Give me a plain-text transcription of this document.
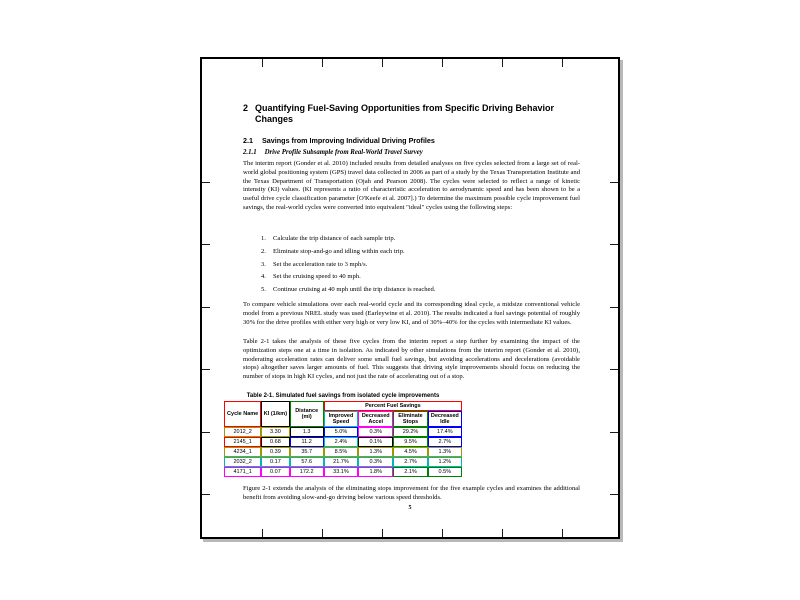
2 Quantifying Fuel-Saving Opportunities from Specific Driving Behavior Changes
2.1 Savings from Improving Individual Driving Profiles
2.1.1 Drive Profile Subsample from Real-World Travel Survey
The interim report (Gonder et al. 2010) included results from detailed analyses on five cycles selected from a large set of real-world global positioning system (GPS) travel data collected in 2006 as part of a study by the Texas Transportation Institute and the Texas Department of Transportation (Ojah and Pearson 2008). The cycles were selected to reflect a range of kinetic intensity (KI) values. (KI represents a ratio of characteristic acceleration to aerodynamic speed and has been shown to be a useful drive cycle classification parameter [O'Keefe et al. 2007].) To determine the maximum possible cycle improvement fuel savings, the real-world cycles were converted into equivalent "ideal" cycles using the following steps:
1.	Calculate the trip distance of each sample trip.
2.	Eliminate stop-and-go and idling within each trip.
3.	Set the acceleration rate to 3 mph/s.
4.	Set the cruising speed to 40 mph.
5.	Continue cruising at 40 mph until the trip distance is reached.
To compare vehicle simulations over each real-world cycle and its corresponding ideal cycle, a midsize conventional vehicle model from a previous NREL study was used (Earleywine et al. 2010). The results indicated a fuel savings potential of roughly 30% for the drive profiles with either very high or very low KI, and of 30%–40% for the cycles with intermediate KI values.
Table 2-1 takes the analysis of these five cycles from the interim report a step further by examining the impact of the optimization steps one at a time in isolation. As indicated by other simulations from the interim report (Gonder et al. 2010), moderating acceleration rates can deliver some small fuel savings, but avoiding accelerations and decelerations (avoidable stops) altogether saves larger amounts of fuel. This suggests that driving style improvements should focus on reducing the number of stops in high KI cycles, and not just the rate of accelerating out of a stop.
Table 2-1. Simulated fuel savings from isolated cycle improvements
Cycle Name	KI (1/km)	Distance (mi)	Percent Fuel Savings			
			Improved Speed	Decreased Accel	Eliminate Stops	Decreased Idle
2012_2	3.30	1.3	5.0%	0.3%	29.2%	17.4%
2145_1	0.68	11.2	2.4%	0.1%	9.5%	2.7%
4234_1	0.39	35.7	8.5%	1.3%	4.5%	1.3%
2032_2	0.17	57.6	21.7%	0.3%	2.7%	1.2%
4171_1	0.07	172.2	33.1%	1.8%	2.1%	0.5%
Figure 2-1 extends the analysis of the eliminating stops improvement for the five example cycles and examines the additional benefit from avoiding slow-and-go driving below various speed thresholds.
5
